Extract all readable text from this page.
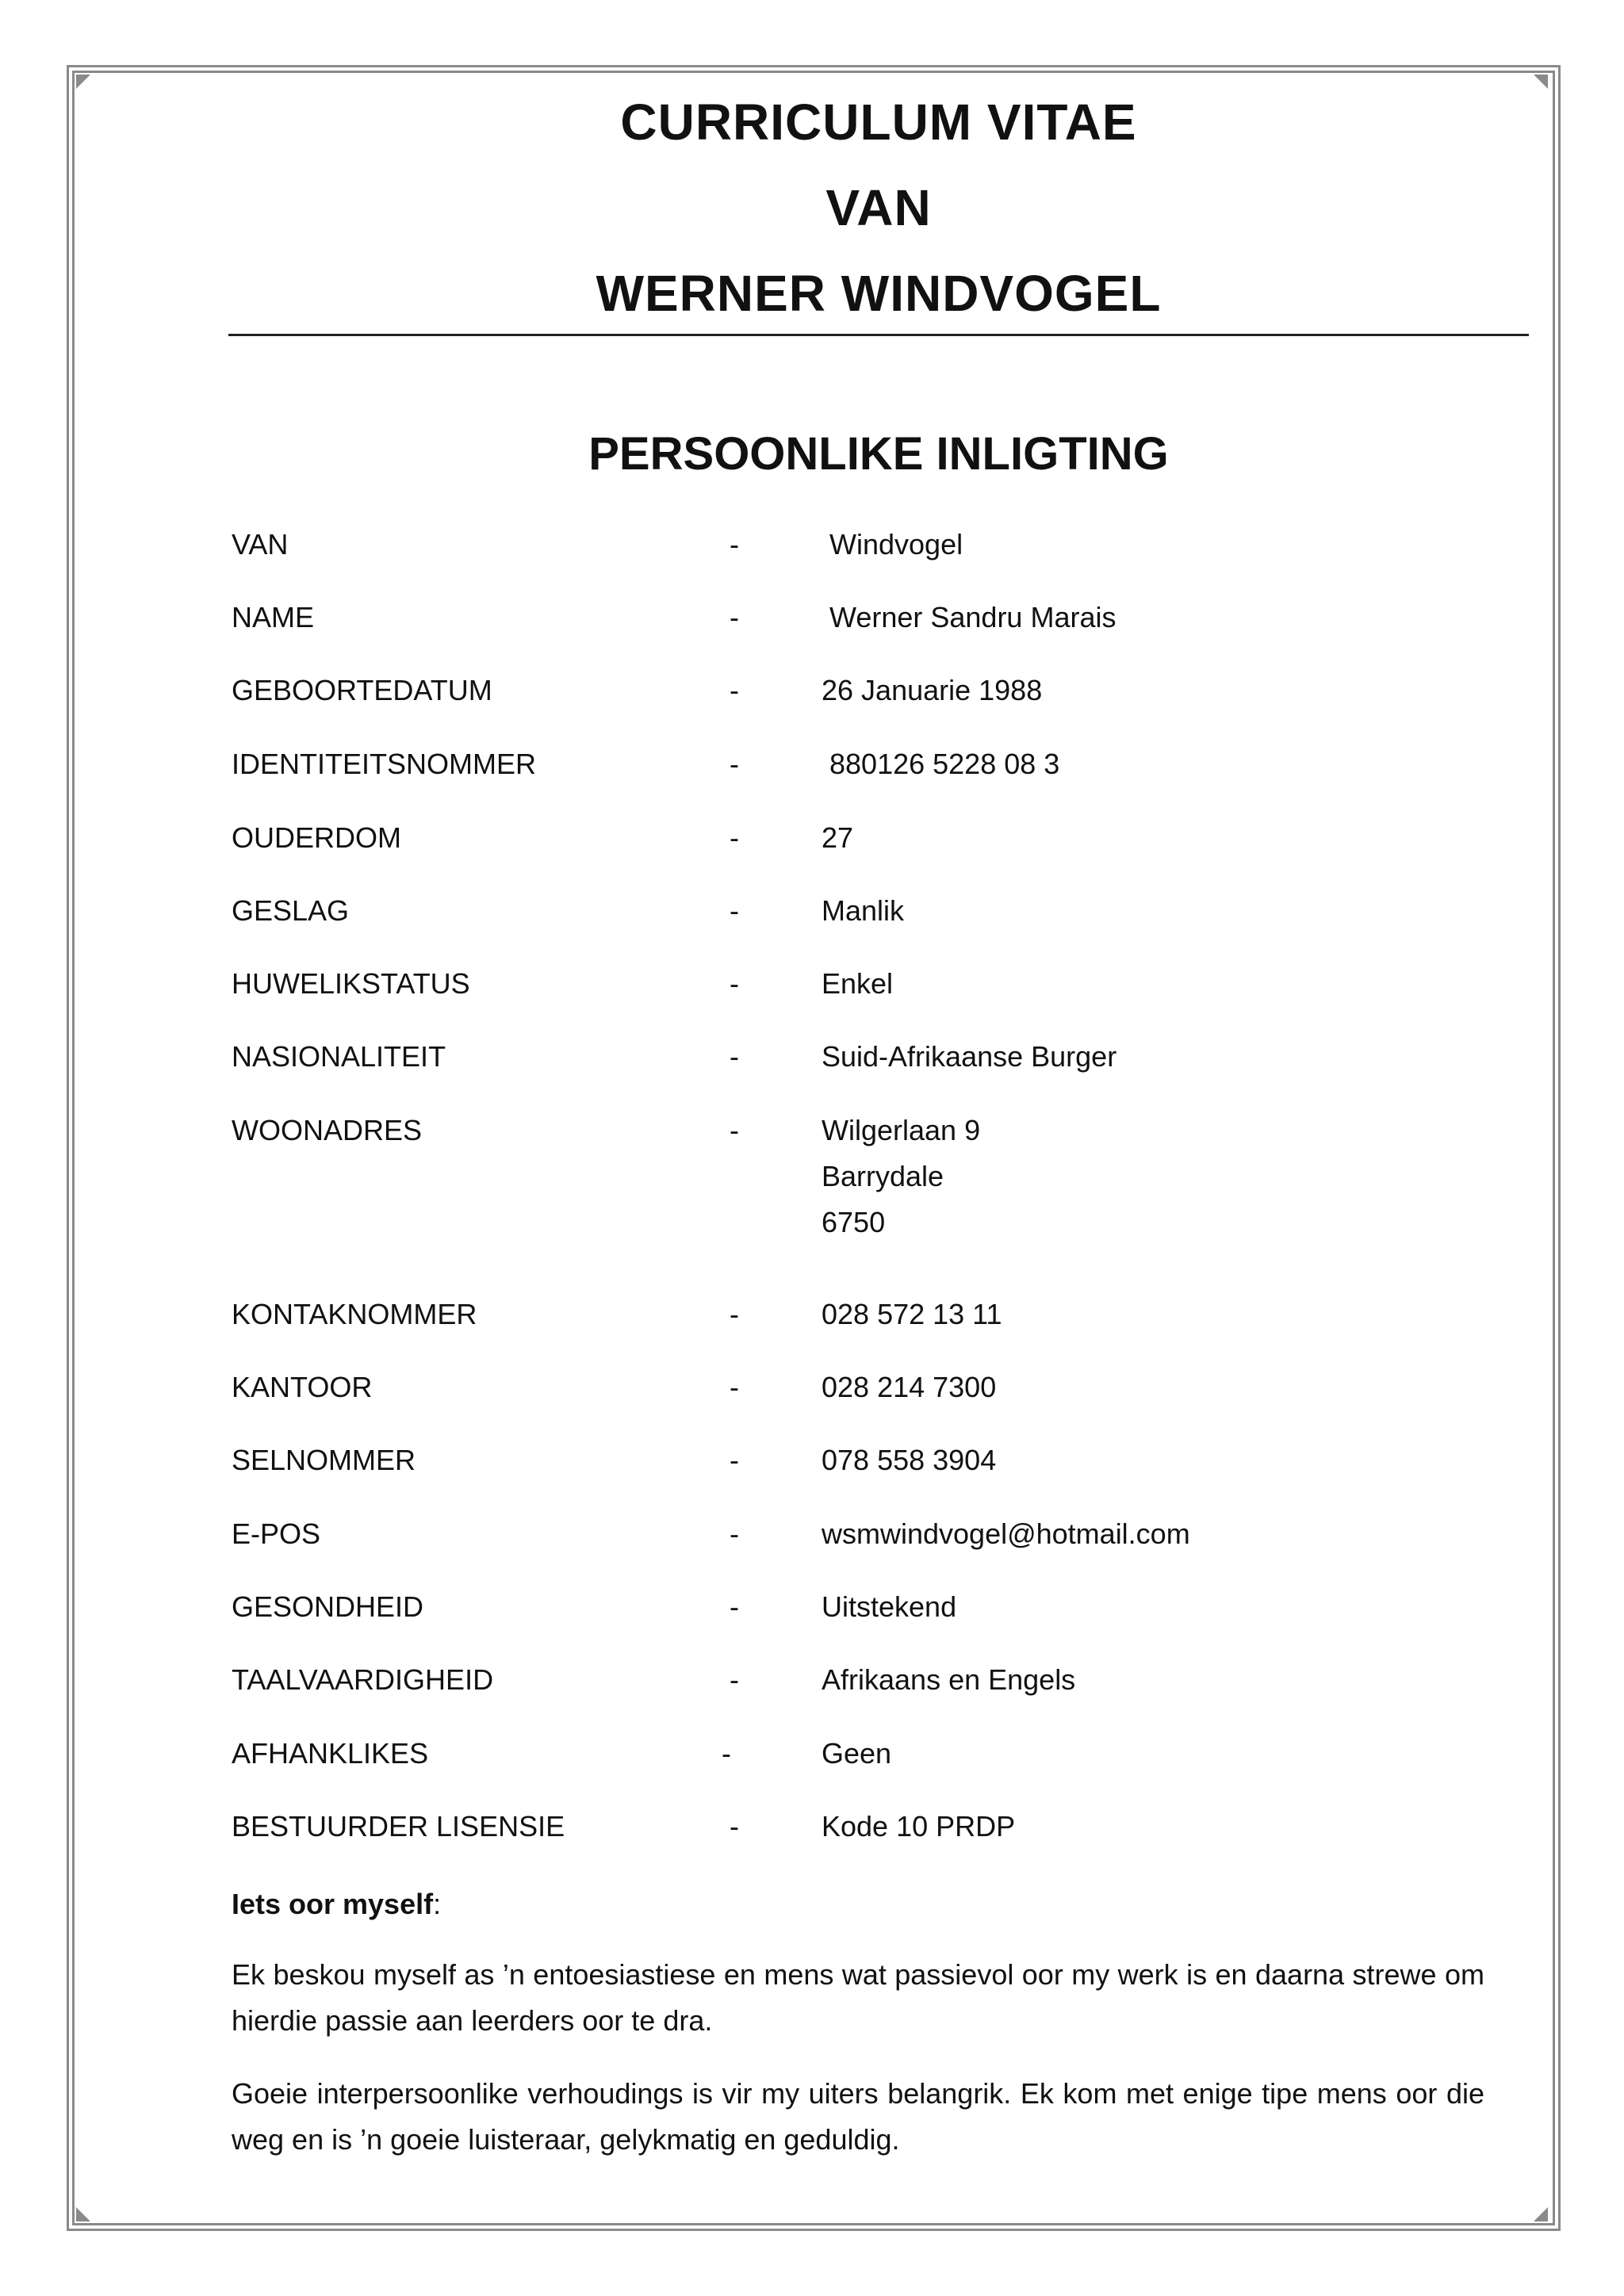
CURRICULUM VITAE
VAN
WERNER WINDVOGEL
PERSOONLIKE INLIGTING
VAN	-	Windvogel
NAME	-	Werner Sandru Marais
GEBOORTEDATUM	-	26 Januarie 1988
IDENTITEITSNOMMER	-	880126 5228 08 3
OUDERDOM	-	27
GESLAG	-	Manlik
HUWELIKSTATUS	-	Enkel
NASIONALITEIT	-	Suid-Afrikaanse Burger
WOONADRES	-	Wilgerlaan 9
Barrydale
6750
KONTAKNOMMER	-	028 572 13 11
KANTOOR	-	028 214 7300
SELNOMMER	-	078 558 3904
E-POS	-	wsmwindvogel@hotmail.com
GESONDHEID	-	Uitstekend
TAALVAARDIGHEID	-	Afrikaans en Engels
AFHANKLIKES	-	Geen
BESTUURDER LISENSIE	-	Kode 10 PRDP
Iets oor myself:
Ek beskou myself as ’n entoesiastiese en mens wat passievol oor my werk is en daarna strewe om hierdie passie aan leerders oor te dra.
Goeie interpersoonlike verhoudings is vir my uiters belangrik. Ek kom met enige tipe mens oor die weg en is ’n goeie luisteraar, gelykmatig en geduldig.
